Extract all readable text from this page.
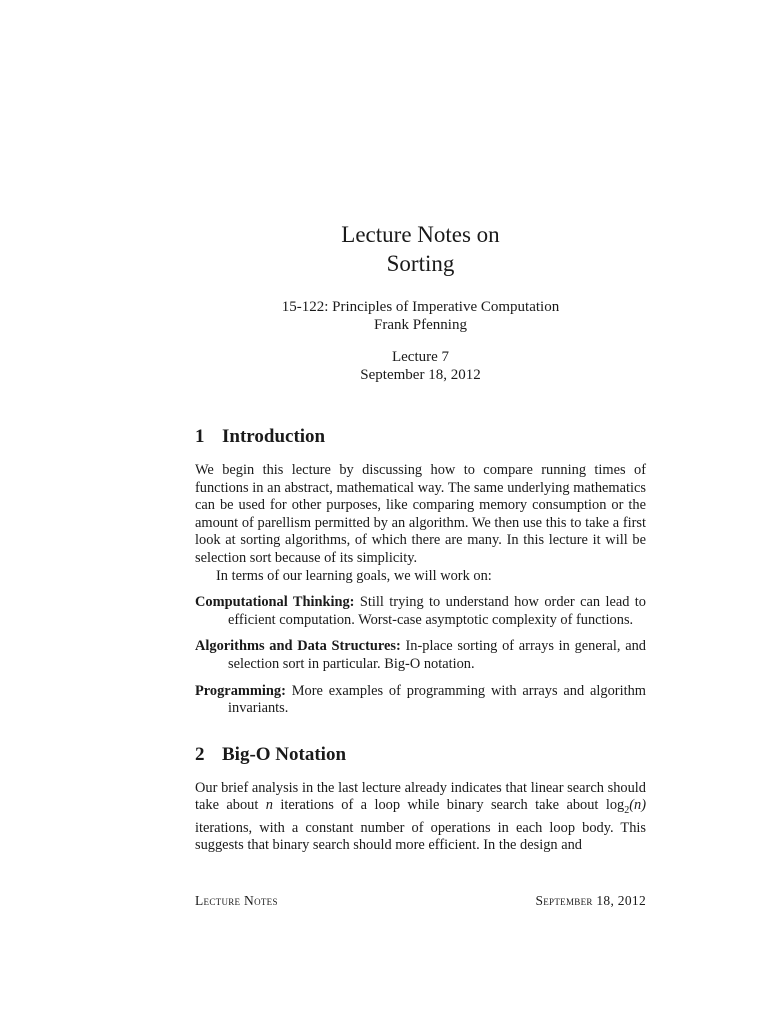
Lecture Notes on
Sorting
15-122: Principles of Imperative Computation
Frank Pfenning
Lecture 7
September 18, 2012
1 Introduction

We begin this lecture by discussing how to compare running times of functions in an abstract, mathematical way. The same underlying mathematics can be used for other purposes, like comparing memory consumption or the amount of parellism permitted by an algorithm. We then use this to take a first look at sorting algorithms, of which there are many. In this lecture it will be selection sort because of its simplicity.

In terms of our learning goals, we will work on:

Computational Thinking: Still trying to understand how order can lead to efficient computation. Worst-case asymptotic complexity of functions.
Algorithms and Data Structures: In-place sorting of arrays in general, and selection sort in particular. Big-O notation.
Programming: More examples of programming with arrays and algorithm invariants.
2 Big-O Notation

Our brief analysis in the last lecture already indicates that linear search should take about n iterations of a loop while binary search take about $\log_2(n)$ iterations, with a constant number of operations in each loop body. This suggests that binary search should more efficient. In the design and

Lecture Notes	September 18, 2012
